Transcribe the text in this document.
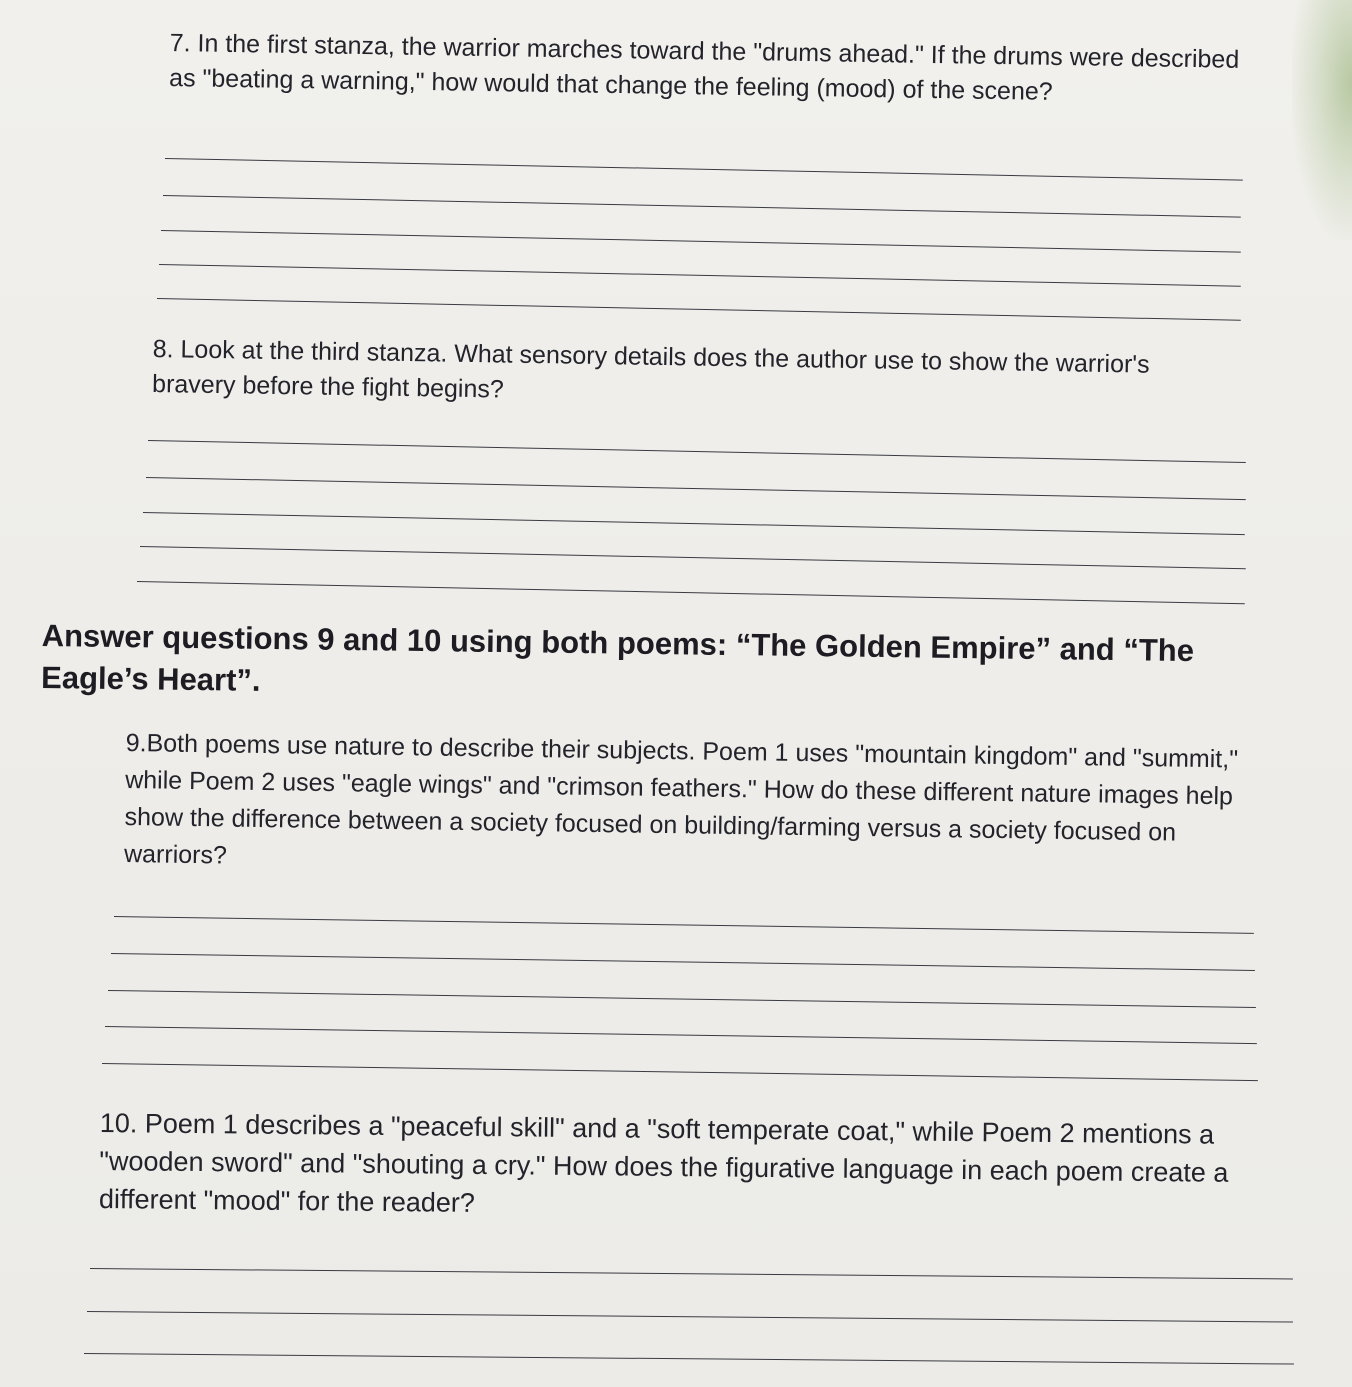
7. In the first stanza, the warrior marches toward the "drums ahead." If the drums were described as "beating a warning," how would that change the feeling (mood) of the scene?

8. Look at the third stanza. What sensory details does the author use to show the warrior's bravery before the fight begins?

Answer questions 9 and 10 using both poems: “The Golden Empire” and “The Eagle’s Heart”.

9.Both poems use nature to describe their subjects. Poem 1 uses "mountain kingdom" and "summit," while Poem 2 uses "eagle wings" and "crimson feathers." How do these different nature images help show the difference between a society focused on building/farming versus a society focused on warriors?

10. Poem 1 describes a "peaceful skill" and a "soft temperate coat," while Poem 2 mentions a "wooden sword" and "shouting a cry." How does the figurative language in each poem create a different "mood" for the reader?
